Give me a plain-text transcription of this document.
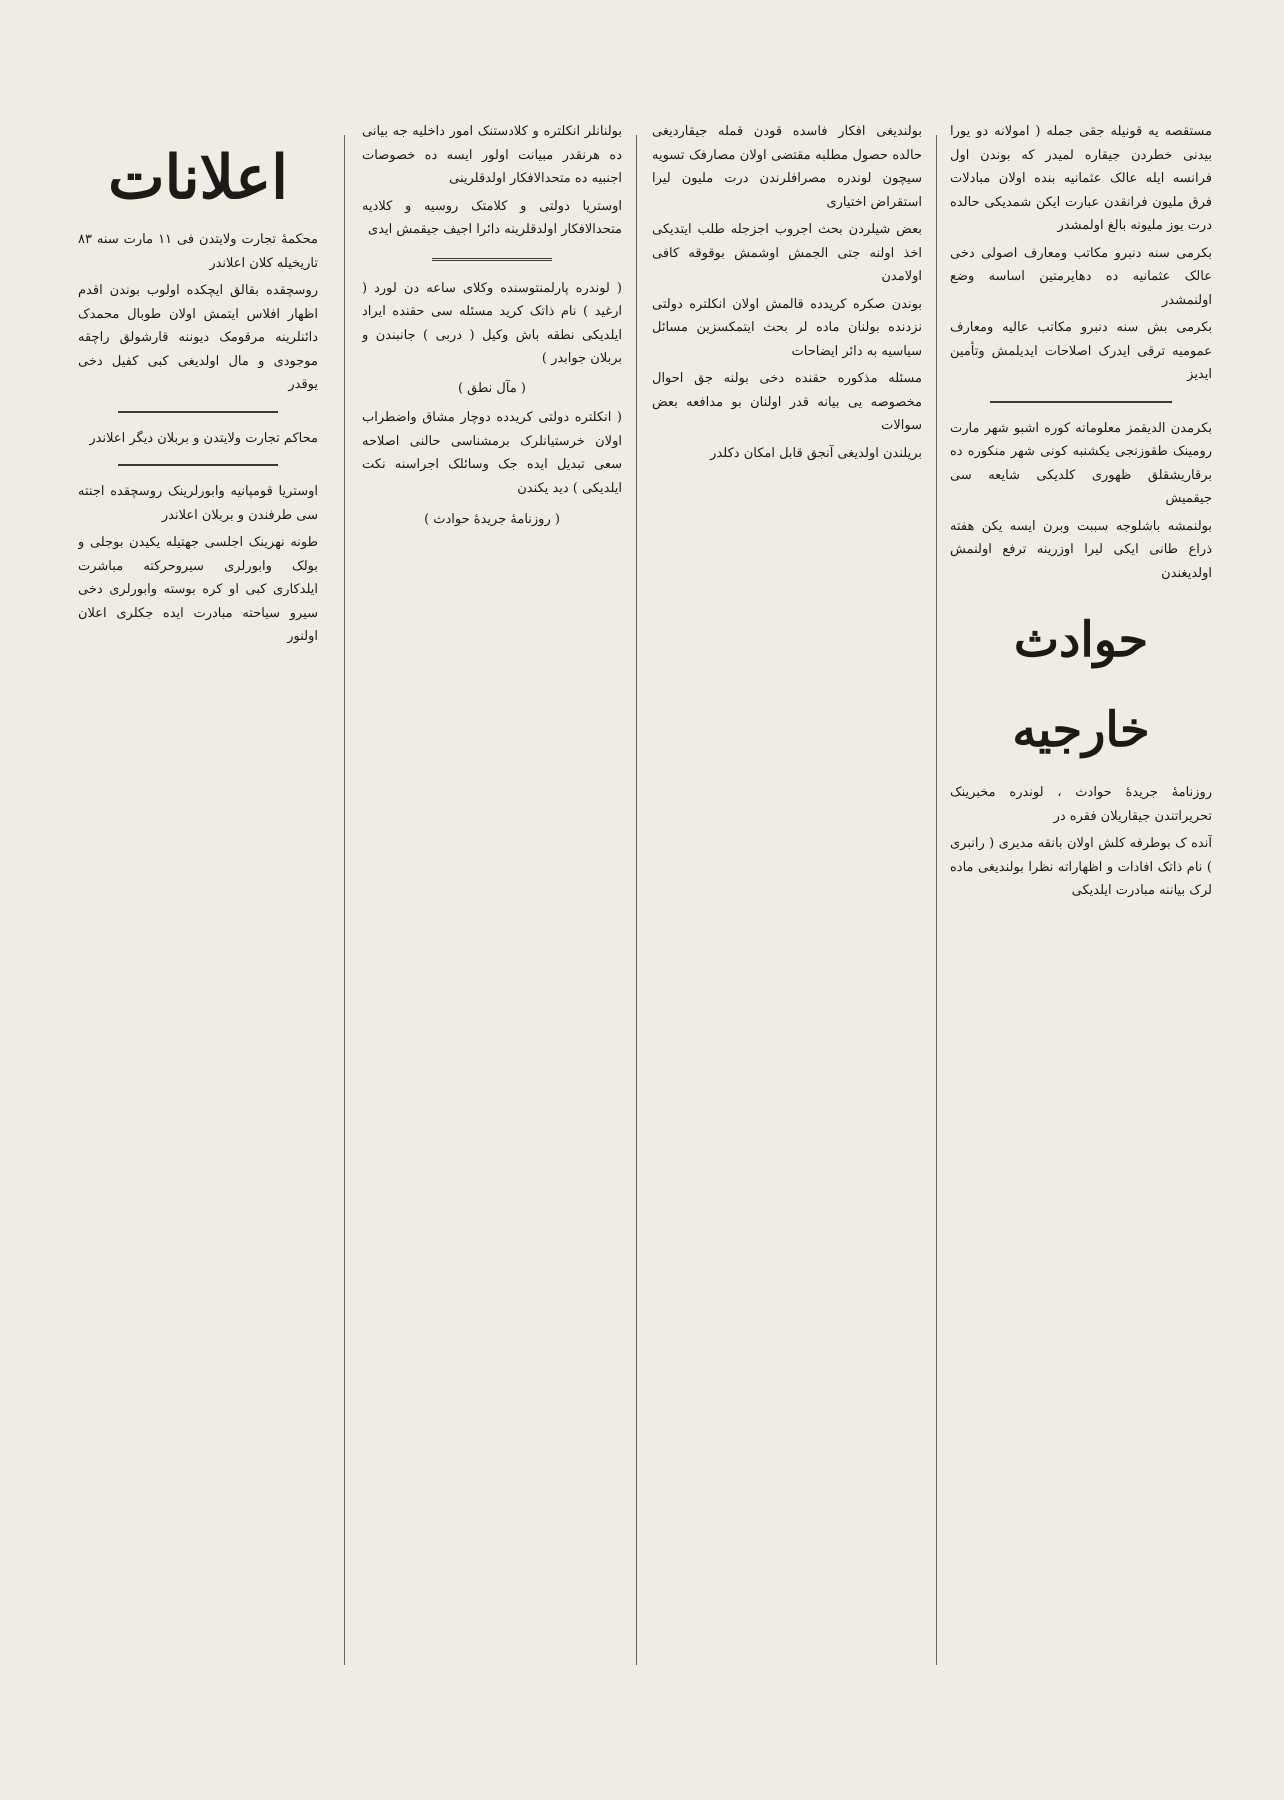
اعلانات
محکمهٔ تجارت ولایتدن فی ۱۱ مارت سنه ۸۳ تاریخیله کلان اعلاندر
روسچقده بقالق ایچکده اولوب بوندن اقدم اظهار افلاس ایتمش اولان طوبال محمدک دائنلرینه مرقومک دیوننه قارشولق راچقه موجودی و مال اولدیغی کبی کفیل دخی یوقدر
محاکم تجارت ولایتدن و بربلان دیگر اعلاندر
اوستریا قومپانیه وابورلرینک روسچقده اجنته سی طرفندن و بربلان اعلاندر
طونه نهرینک اجلسی جهتیله یکیدن بوجلی و بولک وابورلری سیروحرکته مباشرت ایلدکاری کبی او کره بوسته وابورلری دخی سیرو سیاحته مبادرت ایده جکلری اعلان اولنور
بولنانلر انکلتره و کلادستنک امور داخلیه جه بیانی ده هرنقدر مبیانت اولور ایسه ده خصوصات اجنبیه ده متحدالافکار اولدقلرینی
اوستریا دولتی و کلامتک روسیه و کلادیه متحدالافکار اولدقلرینه دائرا اجیف جیقمش ایدی
( لوندره پارلمنتوسنده وکلای ساعه دن لورد ( ارغید ) نام ذاتک کرید مسئله سی حقنده ایراد ایلدیکی نطقه باش وکیل ( دربی ) جانبندن و بربلان جوابدر )
( مآل نطق )
( انکلتره دولتی کریدده دوچار مشاق واضطراب اولان خرستیانلرک برمشناسی حالنی اصلاحه سعی تبدیل ایده جک وسائلک اجراسنه نکت ایلدیکی ) دید یکندن
( روزنامهٔ جریدهٔ حوادث )
بولندیغی افکار فاسده قودن قمله جیقاردیغی حالده حصول مطلبه مقتضی اولان مصارفک تسویه سیچون لوندره مصرافلرندن درت ملیون لیرا استقراض اختیاری
بعض شیلردن بحث اجروب اجزجله طلب ایتدیکی اخذ اولنه جتی الجمش اوشمش بوقوقه کافی اولامدن
بوندن صکره کریدده قالمش اولان انکلتره دولتی نزدنده بولنان ماده لر بحث ایتمکسزین مسائل سیاسیه به دائر ایضاحات
مسئله مذکوره حقنده دخی بولنه جق احوال مخصوصه یی بیانه قدر اولنان بو مدافعه بعض سوالات
بریلندن اولدیغی آنجق قابل امکان دکلدر
مستقصه یه قونیله جقی جمله ( امولانه دو یورا بیدنی خطردن جیقاره لمیدر که بوندن اول فرانسه ایله عالک عثمانیه بنده اولان مبادلات فرق ملیون فرانقدن عبارت ایکن شمدیکی حالده درت یوز ملیونه بالغ اولمشدر
بکرمی سنه دنبرو مکاتب ومعارف اصولی دخی عالک عثمانیه ده دهایرمتین اساسه وضع اولنمشدر
بکرمی بش سنه دنبرو مکاتب عالیه ومعارف عمومیه ترقی ایدرک اصلاحات ایدیلمش وتأمین ایدیز
بکرمدن الدیقمز معلوماته کوره اشبو شهر مارت رومینک طقوزنجی یکشنبه کونی شهر منکوره ده برقاریشقلق ظهوری کلدیکی شایعه سی جیقمیش
بولنمشه باشلوجه سببت وبرن ایسه یکن هفته ذراع طانی ایکی لیرا اوزرینه ترفع اولنمش اولدیغندن
حوادث خارجیه
روزنامهٔ جریدهٔ حوادث ، لوندره مخبرینک تحریراتندن جیقاریلان فقره در
آنده ک بوطرفه کلش اولان بانقه مدیری ( رانبری ) نام ذاتک افادات و اظهاراته نظرا بولندیغی ماده لرک بیاننه مبادرت ایلدیکی
